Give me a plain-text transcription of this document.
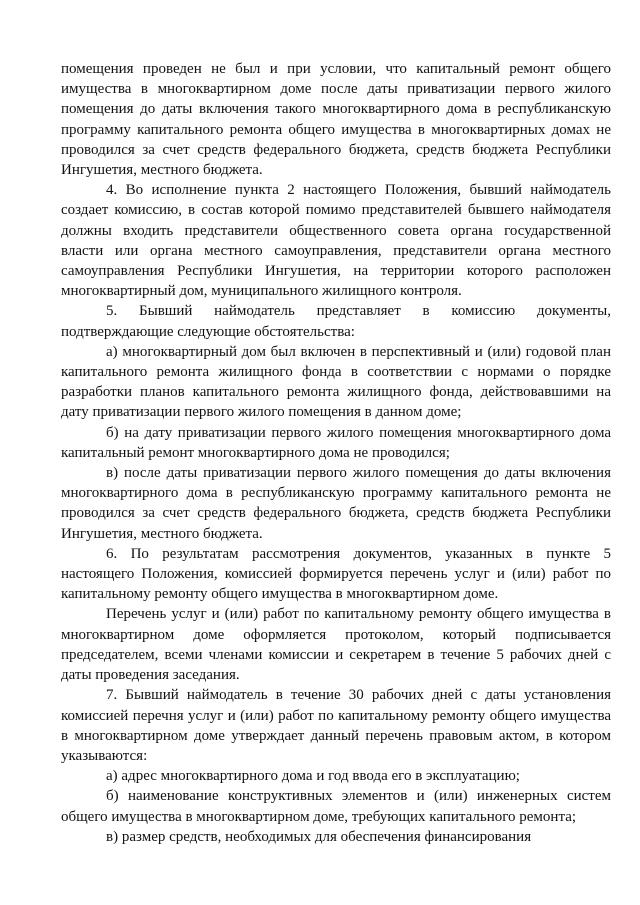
помещения проведен не был и при условии, что капитальный ремонт общего имущества в многоквартирном доме после даты приватизации первого жилого помещения до даты включения такого многоквартирного дома в республиканскую программу капитального ремонта общего имущества в многоквартирных домах не проводился за счет средств федерального бюджета, средств бюджета Республики Ингушетия, местного бюджета.

4. Во исполнение пункта 2 настоящего Положения, бывший наймодатель создает комиссию, в состав которой помимо представителей бывшего наймодателя должны входить представители общественного совета органа государственной власти или органа местного самоуправления, представители органа местного самоуправления Республики Ингушетия, на территории которого расположен многоквартирный дом, муниципального жилищного контроля.

5. Бывший наймодатель представляет в комиссию документы, подтверждающие следующие обстоятельства:

а) многоквартирный дом был включен в перспективный и (или) годовой план капитального ремонта жилищного фонда в соответствии с нормами о порядке разработки планов капитального ремонта жилищного фонда, действовавшими на дату приватизации первого жилого помещения в данном доме;

б) на дату приватизации первого жилого помещения многоквартирного дома капитальный ремонт многоквартирного дома не проводился;

в) после даты приватизации первого жилого помещения до даты включения многоквартирного дома в республиканскую программу капитального ремонта не проводился за счет средств федерального бюджета, средств бюджета Республики Ингушетия, местного бюджета.

6. По результатам рассмотрения документов, указанных в пункте 5 настоящего Положения, комиссией формируется перечень услуг и (или) работ по капитальному ремонту общего имущества в многоквартирном доме.

Перечень услуг и (или) работ по капитальному ремонту общего имущества в многоквартирном доме оформляется протоколом, который подписывается председателем, всеми членами комиссии и секретарем в течение 5 рабочих дней с даты проведения заседания.

7. Бывший наймодатель в течение 30 рабочих дней с даты установления комиссией перечня услуг и (или) работ по капитальному ремонту общего имущества в многоквартирном доме утверждает данный перечень правовым актом, в котором указываются:

а) адрес многоквартирного дома и год ввода его в эксплуатацию;

б) наименование конструктивных элементов и (или) инженерных систем общего имущества в многоквартирном доме, требующих капитального ремонта;

в) размер средств, необходимых для обеспечения финансирования
